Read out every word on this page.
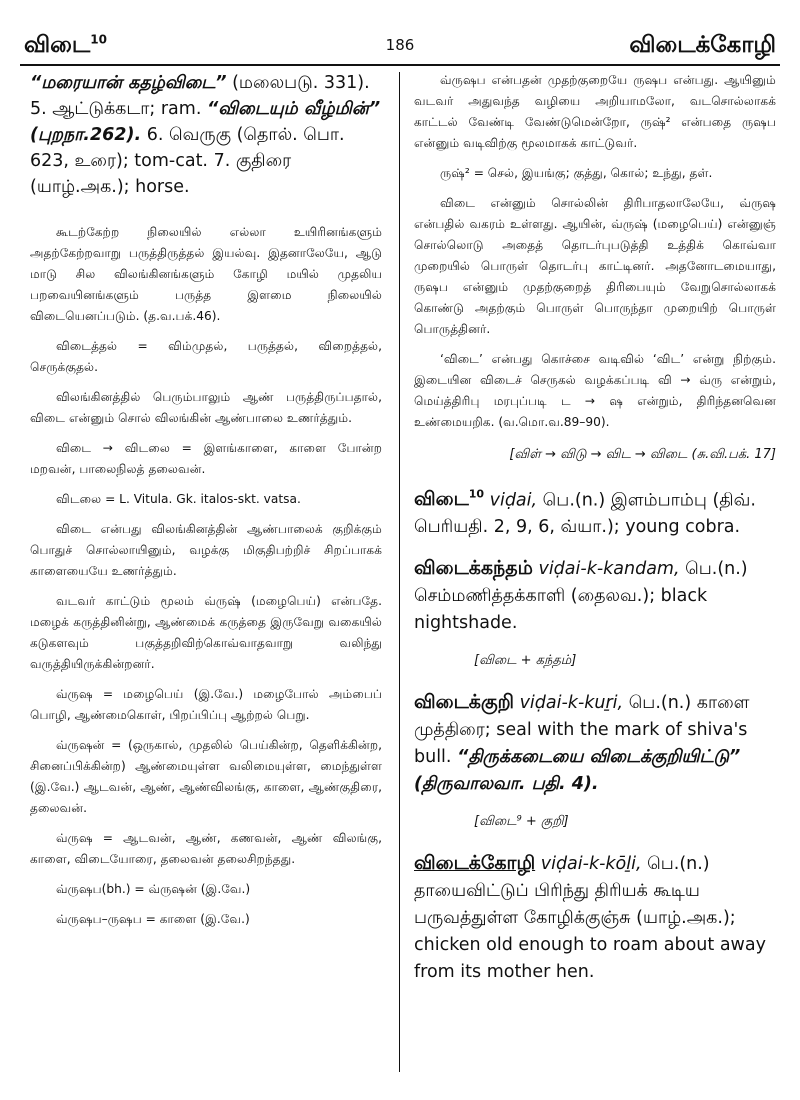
விடை$^{10}$	186	விடைக்கோழி

“மரையான் கதழ்விடை” (மலைபடு. 331). 5. ஆட்டுக்கடா; ram. “விடையும் வீழ்மின்” (புறநா.262). 6. வெருகு (தொல். பொ. 623, உரை); tom-cat. 7. குதிரை (யாழ்.அக.); horse.

கூடற்கேற்ற நிலையில் எல்லா உயிரினங்களும் அதற்கேற்றவாறு பருத்திருத்தல் இயல்வு. இதனாலேயே, ஆடு மாடு சில விலங்கினங்களும் கோழி மயில் முதலிய பறவையினங்களும் பருத்த இளமை நிலையில் விடையெனப்படும். (த.வ.பக்.46).

விடைத்தல் = விம்முதல், பருத்தல், விறைத்தல், செருக்குதல்.

விலங்கினத்தில் பெரும்பாலும் ஆண் பருத்திருப்பதால், விடை என்னும் சொல் விலங்கின் ஆண்பாலை உணர்த்தும்.

விடை → விடலை = இளங்காளை, காளை போன்ற மறவன், பாலைநிலத் தலைவன்.

விடலை = L. Vitula. Gk. italos-skt. vatsa.

விடை என்பது விலங்கினத்தின் ஆண்பாலைக் குறிக்கும் பொதுச் சொல்லாயினும், வழக்கு மிகுதிபற்றிச் சிறப்பாகக் காளையையே உணர்த்தும்.

வடவர் காட்டும் மூலம் வ்ருஷ் (மழைபெய்) என்பதே. மழைக் கருத்தினின்று, ஆண்மைக் கருத்தை இருவேறு வகையில் கடுகளவும் பகுத்தறிவிற்கொவ்வாதவாறு வலிந்து வருத்தியிருக்கின்றனர்.

வ்ருஷ = மழைபெய் (இ.வே.) மழைபோல் அம்பைப் பொழி, ஆண்மைகொள், பிறப்பிப்பு ஆற்றல் பெறு.

வ்ருஷன் = (ஒருகால், முதலில் பெய்கின்ற, தெளிக்கின்ற, சினைப்பிக்கின்ற) ஆண்மையுள்ள வலிமையுள்ள, மைந்துள்ள (இ.வே.) ஆடவன், ஆண், ஆண்விலங்கு, காளை, ஆண்குதிரை, தலைவன்.

வ்ருஷ = ஆடவன், ஆண், கணவன், ஆண் விலங்கு, காளை, விடையோரை, தலைவன் தலைசிறந்தது.

வ்ருஷப(bh.) = வ்ருஷன் (இ.வே.)

வ்ருஷப–ருஷப = காளை (இ.வே.)

வ்ருஷப என்பதன் முதற்குறையே ருஷப என்பது. ஆயினும் வடவர் அதுவந்த வழியை அறியாமலோ, வடசொல்லாகக் காட்டல் வேண்டி வேண்டுமென்றோ, ருஷ்² என்பதை ருஷப என்னும் வடிவிற்கு மூலமாகக் காட்டுவர்.

ருஷ்² = செல், இயங்கு; குத்து, கொல்; உந்து, தள்.

விடை என்னும் சொல்லின் திரிபாதலாலேயே, வ்ருஷ என்பதில் வகரம் உள்ளது. ஆயின், வ்ருஷ் (மழைபெய்) என்னுஞ் சொல்லொடு அதைத் தொடர்புபடுத்தி உத்திக் கொவ்வா முறையில் பொருள் தொடர்பு காட்டினர். அதனோடமையாது, ருஷப என்னும் முதற்குறைத் திரிபையும் வேறுசொல்லாகக் கொண்டு அதற்கும் பொருள் பொருந்தா முறையிற் பொருள் பொருத்தினர்.

‘விடை’ என்பது கொச்சை வடிவில் ‘விட’ என்று நிற்கும். இடையின விடைச் செருகல் வழக்கப்படி வி → வ்ரு என்றும், மெய்த்திரிபு மரபுப்படி ட → ஷ என்றும், திரிந்தனவென உண்மையறிக. (வ.மொ.வ.89–90).

[விள் → விடு → விட → விடை (சு.வி.பக். 17]

விடை$^{10}$ viḍai, பெ.(n.) இளம்பாம்பு (திவ். பெரியதி. 2, 9, 6, வ்யா.); young cobra.

விடைக்கந்தம் viḍai-k-kandam, பெ.(n.) செம்மணித்தக்காளி (தைலவ.); black nightshade.

[விடை + கந்தம்]

விடைக்குறி viḍai-k-kuṟi, பெ.(n.) காளை முத்திரை; seal with the mark of shiva's bull. “திருக்கடையை விடைக்குறியிட்டு” (திருவாலவா. பதி. 4).

[விடை⁹ + குறி]

விடைக்கோழி viḍai-k-kōḻi, பெ.(n.) தாயைவிட்டுப் பிரிந்து திரியக் கூடிய பருவத்துள்ள கோழிக்குஞ்சு (யாழ்.அக.); chicken old enough to roam about away from its mother hen.
